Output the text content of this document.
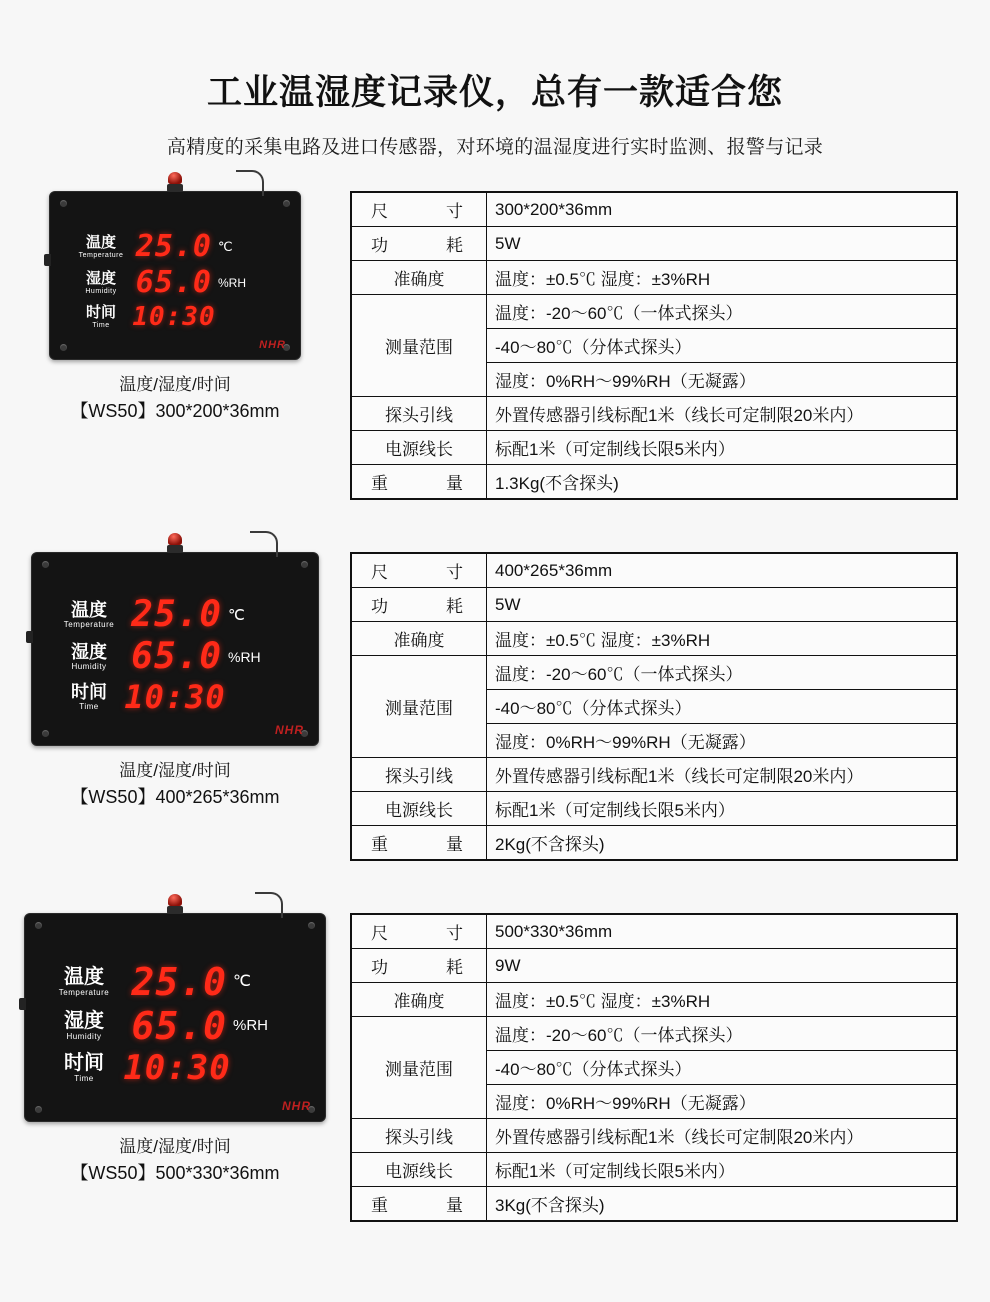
工业温湿度记录仪，总有一款适合您
高精度的采集电路及进口传感器，对环境的温湿度进行实时监测、报警与记录
温度
Temperature 25.0 ℃
湿度
Humidity 65.0 %RH
时间
Time 10:30
NHR
温度/湿度/时间
【WS50】300*200*36mm
尺　　寸	300*200*36mm
功　　耗	5W
准确度	温度：±0.5℃ 湿度：±3%RH
测量范围	温度：-20～60℃（一体式探头）
	-40～80℃（分体式探头）
	湿度：0%RH～99%RH（无凝露）
探头引线	外置传感器引线标配1米（线长可定制限20米内）
电源线长	标配1米（可定制线长限5米内）
重　　量	1.3Kg(不含探头)
温度
Temperature 25.0 ℃
湿度
Humidity 65.0 %RH
时间
Time 10:30
NHR
温度/湿度/时间
【WS50】400*265*36mm
尺　　寸	400*265*36mm
功　　耗	5W
准确度	温度：±0.5℃ 湿度：±3%RH
测量范围	温度：-20～60℃（一体式探头）
	-40～80℃（分体式探头）
	湿度：0%RH～99%RH（无凝露）
探头引线	外置传感器引线标配1米（线长可定制限20米内）
电源线长	标配1米（可定制线长限5米内）
重　　量	2Kg(不含探头)
温度
Temperature 25.0 ℃
湿度
Humidity 65.0 %RH
时间
Time 10:30
NHR
温度/湿度/时间
【WS50】500*330*36mm
尺　　寸	500*330*36mm
功　　耗	9W
准确度	温度：±0.5℃ 湿度：±3%RH
测量范围	温度：-20～60℃（一体式探头）
	-40～80℃（分体式探头）
	湿度：0%RH～99%RH（无凝露）
探头引线	外置传感器引线标配1米（线长可定制限20米内）
电源线长	标配1米（可定制线长限5米内）
重　　量	3Kg(不含探头)
